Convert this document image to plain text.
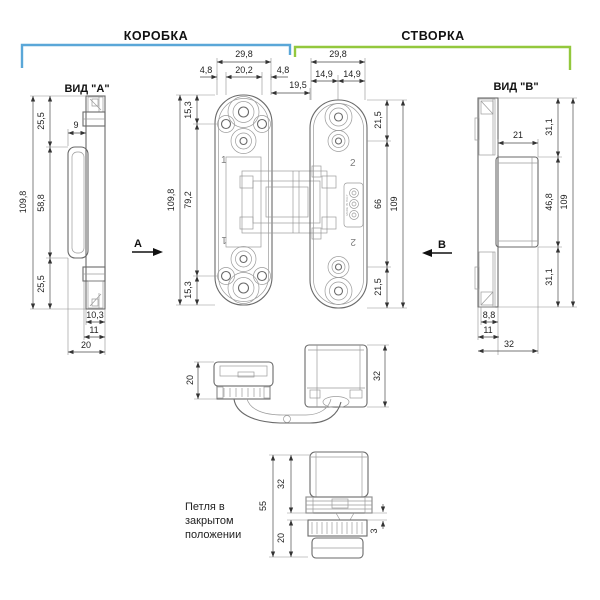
КОРОБКА	СТВОРКА
ВИД "А"
109,8
25,5
58,8
25,5
9
10,3
11
20
1
1
MADE IN ITALY
2
2
29,8
4,8	20,2	4,8
19,5
29,8
14,9 14,9
15,3
79,2
15,3
109,8
21,5
66
21,5
109
А	В
ВИД "В"
21 31,1
46,8
31,1
109
8,8
11
32
20	32
55
32
20
3
Петля в
закрытом
положении
